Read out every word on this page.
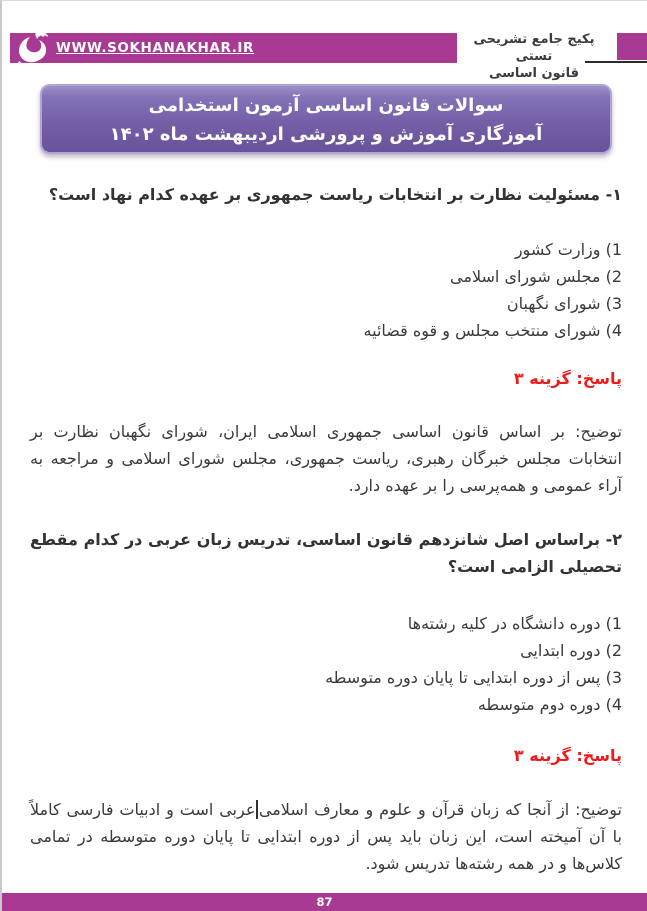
WWW.SOKHANAKHAR.IR
پکیج جامع تشریحی تستی
قانون اساسی
سوالات قانون اساسی آزمون استخدامی
آموزگاری آموزش و پرورشی اردیبهشت ماه ۱۴۰۲
۱- مسئولیت نظارت بر انتخابات ریاست جمهوری بر عهده کدام نهاد است؟
1) وزارت کشور
2) مجلس شورای اسلامی
3) شورای نگهبان
4) شورای منتخب مجلس و قوه قضائیه
پاسخ: گزینه ۳
توضیح: بر اساس قانون اساسی جمهوری اسلامی ایران، شورای نگهبان نظارت بر انتخابات مجلس خبرگان رهبری، ریاست جمهوری، مجلس شورای اسلامی و مراجعه به آراء عمومی و همه‌پرسی را بر عهده دارد.
۲- براساس اصل شانزدهم قانون اساسی، تدریس زبان عربی در کدام مقطع تحصیلی الزامی است؟
1) دوره دانشگاه در کلیه رشته‌ها
2) دوره ابتدایی
3) پس از دوره ابتدایی تا پایان دوره متوسطه
4) دوره دوم متوسطه
پاسخ: گزینه ۳
توضیح: از آنجا که زبان قرآن و علوم و معارف اسلامیعربی است و ادبیات فارسی کاملاً با آن آمیخته است، این زبان باید پس از دوره ابتدایی تا پایان دوره متوسطه در تمامی کلاس‌ها و در همه رشته‌ها تدریس شود.
87
